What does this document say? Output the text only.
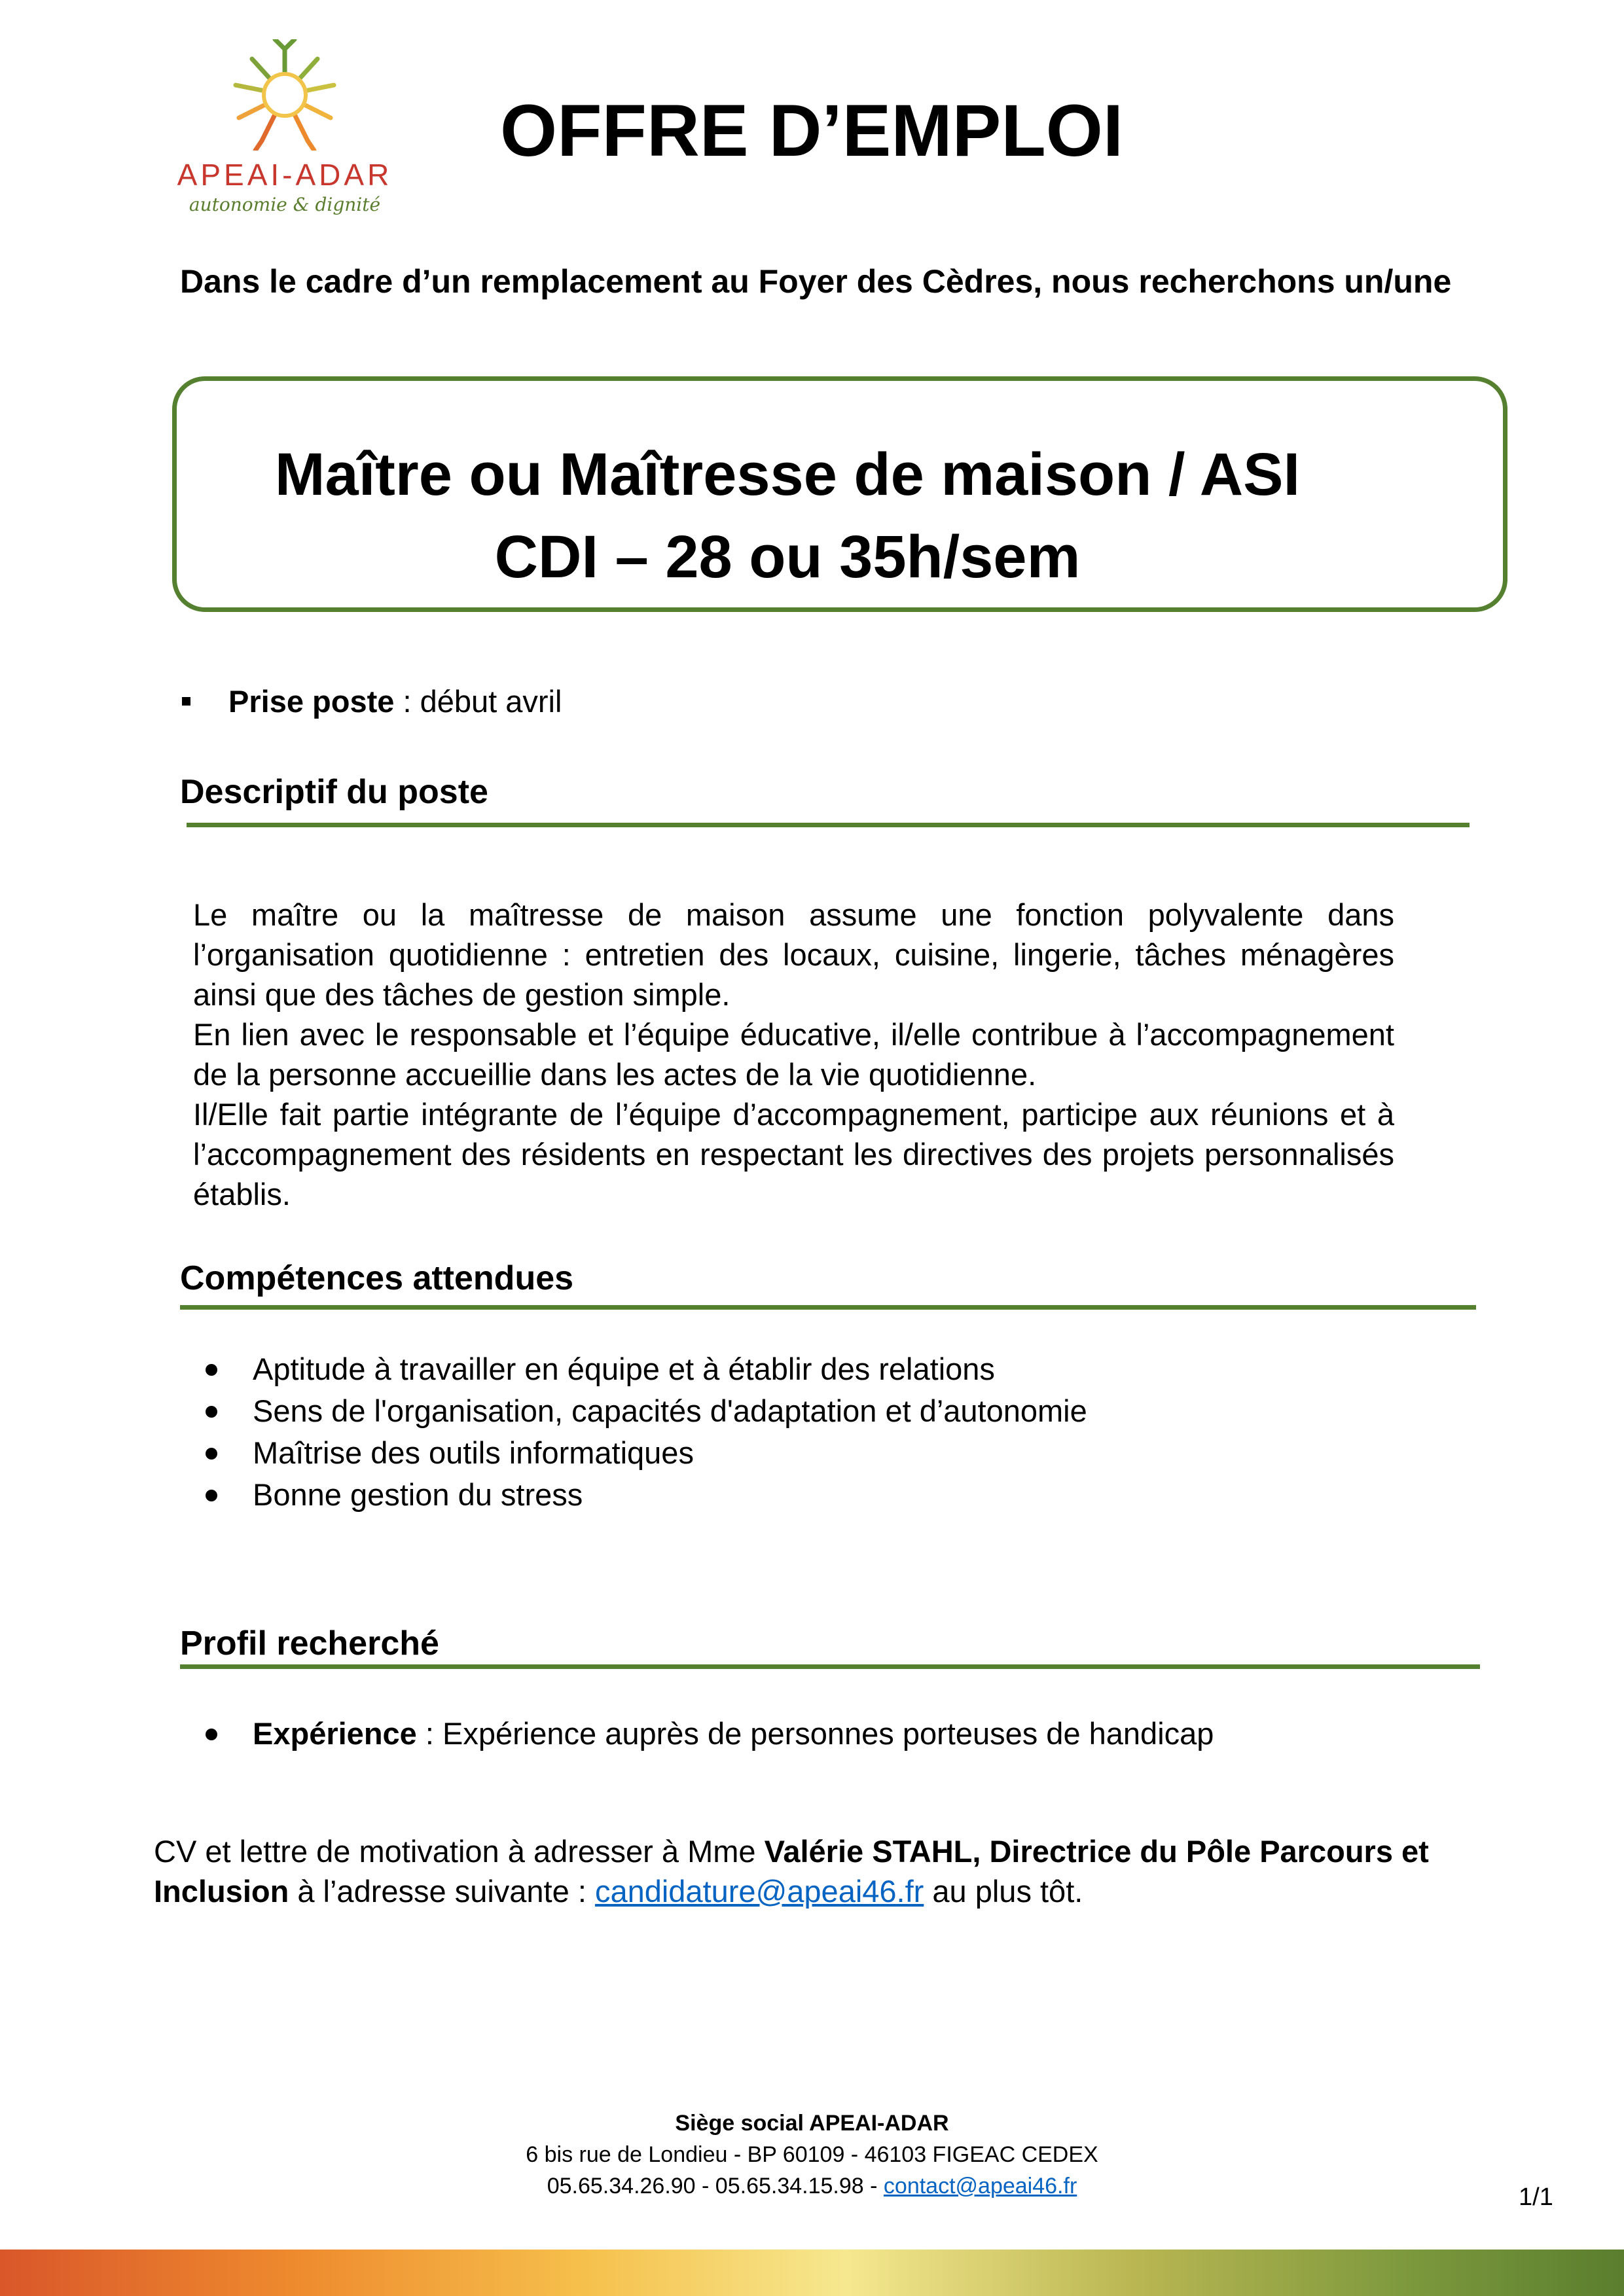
APEAI-ADAR
autonomie & dignité
OFFRE D’EMPLOI
Dans le cadre d’un remplacement au Foyer des Cèdres, nous recherchons un/une
Maître ou Maîtresse de maison / ASI
CDI – 28 ou 35h/sem
Prise poste : début avril
Descriptif du poste

Le maître ou la maîtresse de maison assume une fonction polyvalente dans l’organisation quotidienne : entretien des locaux, cuisine, lingerie, tâches ménagères ainsi que des tâches de gestion simple.

En lien avec le responsable et l’équipe éducative, il/elle contribue à l’accompagnement de la personne accueillie dans les actes de la vie quotidienne.

Il/Elle fait partie intégrante de l’équipe d’accompagnement, participe aux réunions et à l’accompagnement des résidents en respectant les directives des projets personnalisés établis.

Compétences attendues
Aptitude à travailler en équipe et à établir des relations
Sens de l'organisation, capacités d'adaptation et d’autonomie
Maîtrise des outils informatiques
Bonne gestion du stress
Profil recherché
Expérience : Expérience auprès de personnes porteuses de handicap
CV et lettre de motivation à adresser à Mme Valérie STAHL, Directrice du Pôle Parcours et Inclusion à l’adresse suivante : candidature@apeai46.fr au plus tôt.
Siège social APEAI-ADAR
6 bis rue de Londieu - BP 60109 - 46103 FIGEAC CEDEX
05.65.34.26.90 - 05.65.34.15.98 - contact@apeai46.fr	1/1
